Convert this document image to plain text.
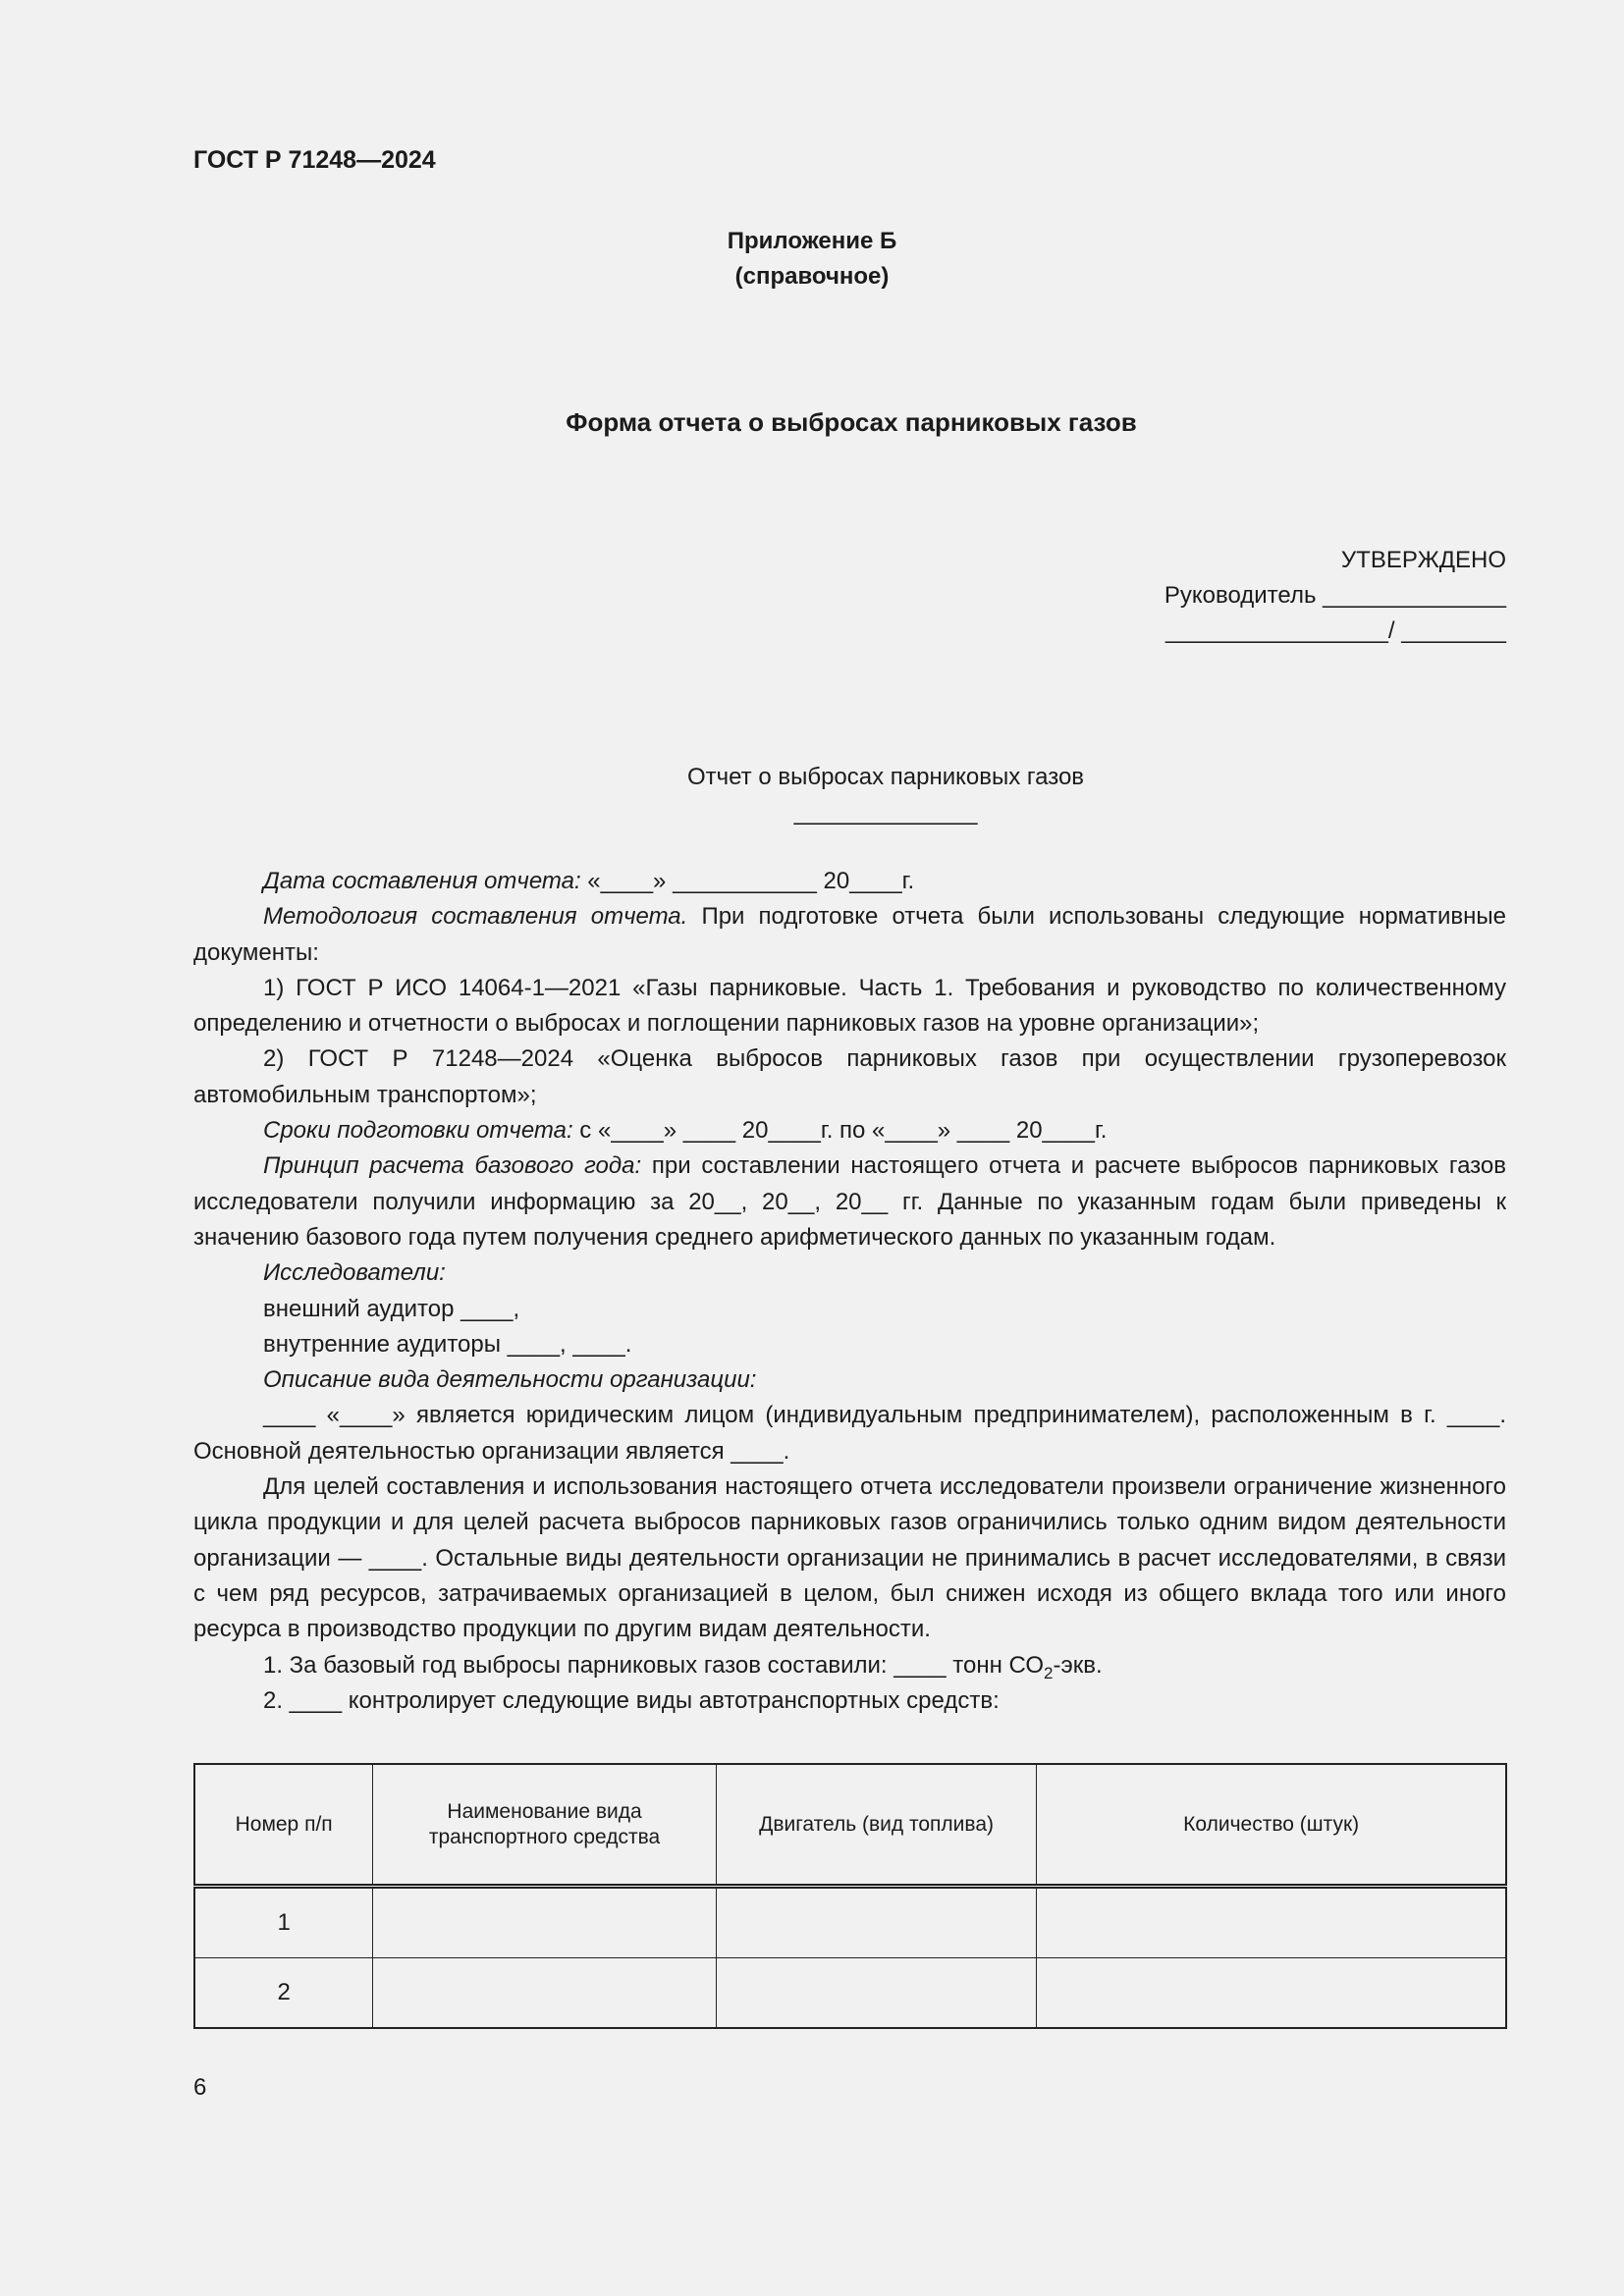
ГОСТ Р 71248—2024
Приложение Б
(справочное)
Форма отчета о выбросах парниковых газов
УТВЕРЖДЕНО
Руководитель ______________
_________________/ ________
Отчет о выбросах парниковых газов
______________

Дата составления отчета: «____» ___________ 20____г.

Методология составления отчета. При подготовке отчета были использованы следующие нормативные документы:

1) ГОСТ Р ИСО 14064-1—2021 «Газы парниковые. Часть 1. Требования и руководство по количественному определению и отчетности о выбросах и поглощении парниковых газов на уровне организации»;

2) ГОСТ Р 71248—2024 «Оценка выбросов парниковых газов при осуществлении грузоперевозок автомобильным транспортом»;

Сроки подготовки отчета: с «____» ____ 20____г. по «____» ____ 20____г.

Принцип расчета базового года: при составлении настоящего отчета и расчете выбросов парниковых газов исследователи получили информацию за 20__, 20__, 20__ гг. Данные по указанным годам были приведены к значению базового года путем получения среднего арифметического данных по указанным годам.

Исследователи:

внешний аудитор ____,

внутренние аудиторы ____, ____.

Описание вида деятельности организации:

____ «____» является юридическим лицом (индивидуальным предпринимателем), расположенным в г. ____. Основной деятельностью организации является ____.

Для целей составления и использования настоящего отчета исследователи произвели ограничение жизненного цикла продукции и для целей расчета выбросов парниковых газов ограничились только одним видом деятельности организации — ____. Остальные виды деятельности организации не принимались в расчет исследователями, в связи с чем ряд ресурсов, затрачиваемых организацией в целом, был снижен исходя из общего вклада того или иного ресурса в производство продукции по другим видам деятельности.

1. За базовый год выбросы парниковых газов составили: ____ тонн $СО_2$-экв.

2. ____ контролирует следующие виды автотранспортных средств:

Номер п/п	Наименование вида транспортного средства	Двигатель (вид топлива)	Количество (штук)
1			
2			
6
